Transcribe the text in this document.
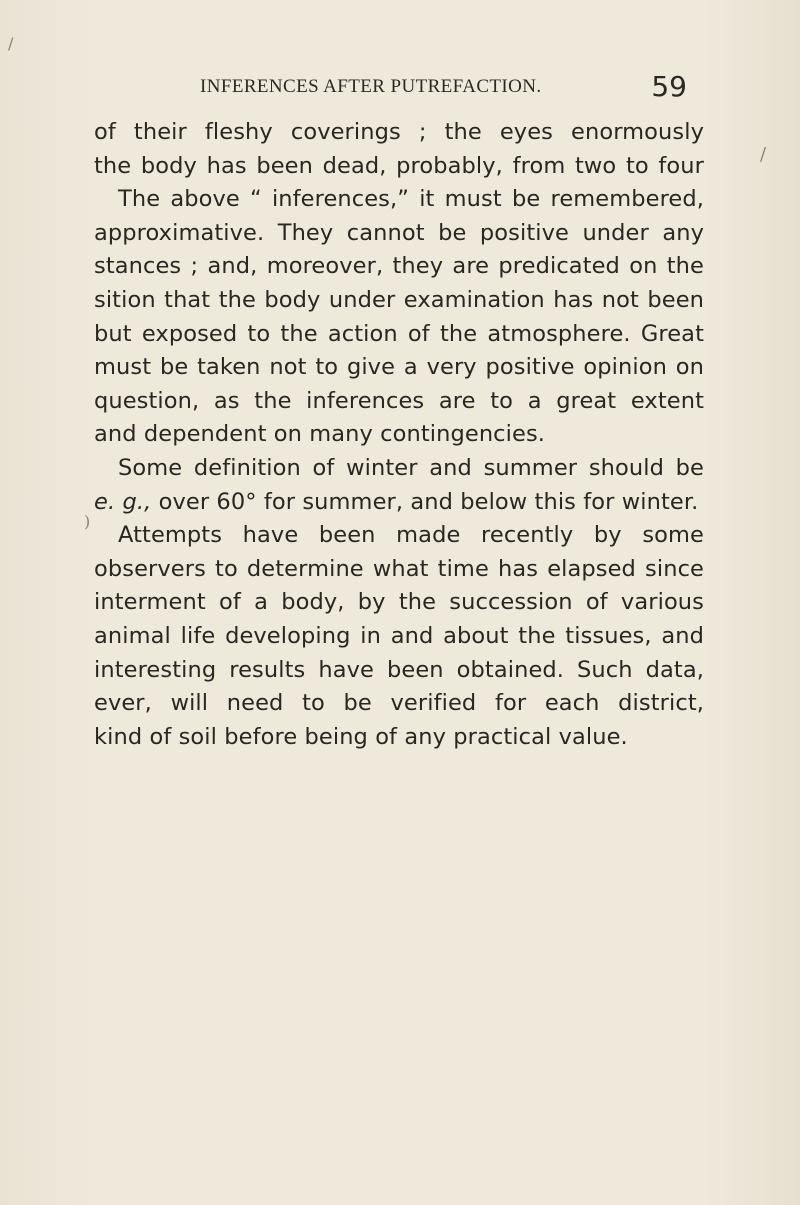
/
/
)
INFERENCES AFTER PUTREFACTION.	59
of their fleshy coverings ; the eyes enormously
the body has been dead, probably, from two to four
The above “ inferences,” it must be remembered,
approximative. They cannot be positive under any
stances ; and, moreover, they are predicated on the
sition that the body under examination has not been
but exposed to the action of the atmosphere. Great
must be taken not to give a very positive opinion on
question, as the inferences are to a great extent
and dependent on many contingencies.
Some definition of winter and summer should be
e. g., over 60° for summer, and below this for winter.
Attempts have been made recently by some
observers to determine what time has elapsed since
interment of a body, by the succession of various
animal life developing in and about the tissues, and
interesting results have been obtained. Such data,
ever, will need to be verified for each district,
kind of soil before being of any practical value.
